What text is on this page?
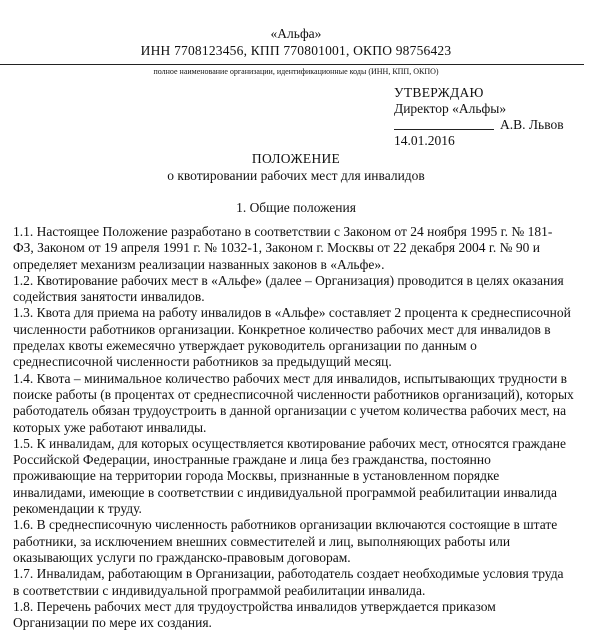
«Альфа»
ИНН 7708123456, КПП 770801001, ОКПО 98756423
полное наименование организации, идентификационные коды (ИНН, КПП, ОКПО)
УТВЕРЖДАЮ
Директор «Альфы»
А.В. Львов
14.01.2016
ПОЛОЖЕНИЕ
о квотировании рабочих мест для инвалидов
1. Общие положения
1.1. Настоящее Положение разработано в соответствии с Законом от 24 ноября 1995 г. № 181-
ФЗ, Законом от 19 апреля 1991 г. № 1032-1, Законом г. Москвы от 22 декабря 2004 г. № 90 и
определяет механизм реализации названных законов в «Альфе».
1.2. Квотирование рабочих мест в «Альфе» (далее – Организация) проводится в целях оказания
содействия занятости инвалидов.
1.3. Квота для приема на работу инвалидов в «Альфе» составляет 2 процента к среднесписочной
численности работников организации. Конкретное количество рабочих мест для инвалидов в
пределах квоты ежемесячно утверждает руководитель организации по данным о
среднесписочной численности работников за предыдущий месяц.
1.4. Квота – минимальное количество рабочих мест для инвалидов, испытывающих трудности в
поиске работы (в процентах от среднесписочной численности работников организаций), которых
работодатель обязан трудоустроить в данной организации с учетом количества рабочих мест, на
которых уже работают инвалиды.
1.5. К инвалидам, для которых осуществляется квотирование рабочих мест, относятся граждане
Российской Федерации, иностранные граждане и лица без гражданства, постоянно
проживающие на территории города Москвы, признанные в установленном порядке
инвалидами, имеющие в соответствии с индивидуальной программой реабилитации инвалида
рекомендации к труду.
1.6. В среднесписочную численность работников организации включаются состоящие в штате
работники, за исключением внешних совместителей и лиц, выполняющих работы или
оказывающих услуги по гражданско-правовым договорам.
1.7. Инвалидам, работающим в Организации, работодатель создает необходимые условия труда
в соответствии с индивидуальной программой реабилитации инвалида.
1.8. Перечень рабочих мест для трудоустройства инвалидов утверждается приказом
Организации по мере их создания.
